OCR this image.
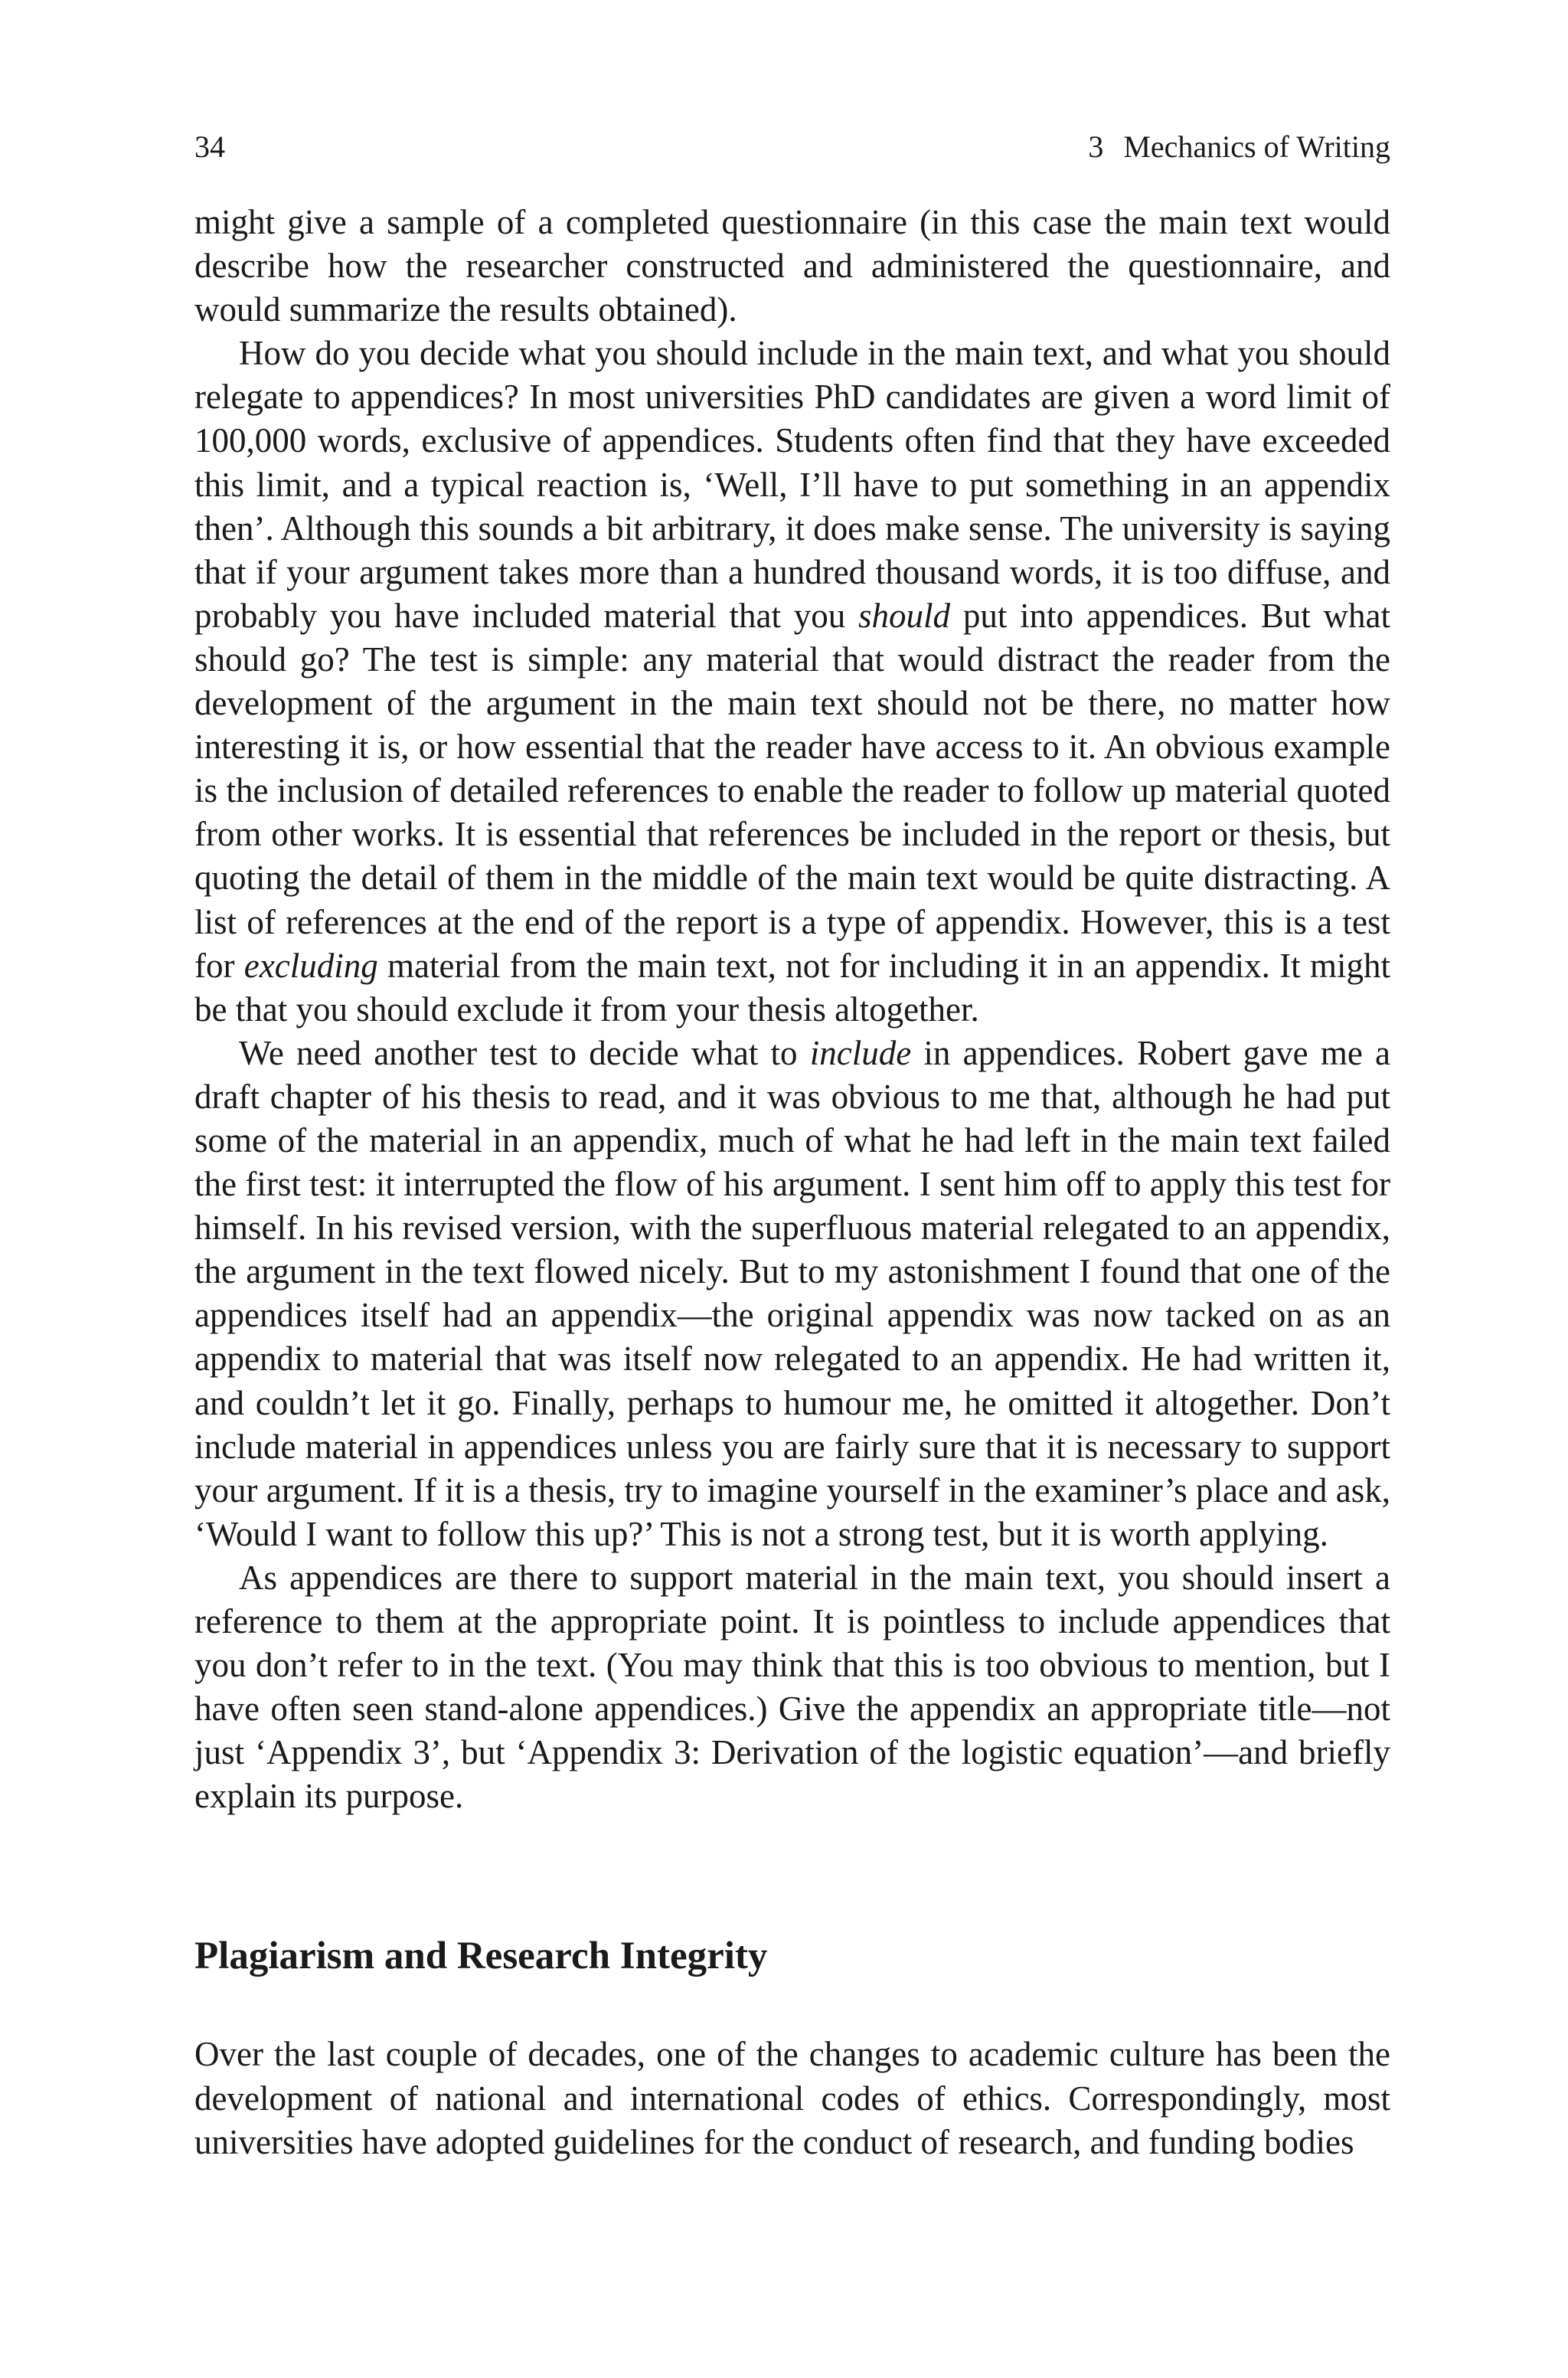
34	3 Mechanics of Writing

might give a sample of a completed questionnaire (in this case the main text would describe how the researcher constructed and administered the questionnaire, and would summarize the results obtained).

How do you decide what you should include in the main text, and what you should relegate to appendices? In most universities PhD candidates are given a word limit of 100,000 words, exclusive of appendices. Students often find that they have exceeded this limit, and a typical reaction is, ‘Well, I’ll have to put something in an appendix then’. Although this sounds a bit arbitrary, it does make sense. The university is saying that if your argument takes more than a hundred thousand words, it is too diffuse, and probably you have included material that you should put into appendices. But what should go? The test is simple: any material that would distract the reader from the development of the argument in the main text should not be there, no matter how interesting it is, or how essential that the reader have access to it. An obvious example is the inclusion of detailed references to enable the reader to follow up material quoted from other works. It is essential that references be included in the report or thesis, but quoting the detail of them in the middle of the main text would be quite distracting. A list of references at the end of the report is a type of appendix. However, this is a test for excluding material from the main text, not for including it in an appendix. It might be that you should exclude it from your thesis altogether.

We need another test to decide what to include in appendices. Robert gave me a draft chapter of his thesis to read, and it was obvious to me that, although he had put some of the material in an appendix, much of what he had left in the main text failed the first test: it interrupted the flow of his argument. I sent him off to apply this test for himself. In his revised version, with the superfluous material relegated to an appendix, the argument in the text flowed nicely. But to my astonishment I found that one of the appendices itself had an appendix—the original appendix was now tacked on as an appendix to material that was itself now relegated to an appendix. He had written it, and couldn’t let it go. Finally, perhaps to humour me, he omitted it altogether. Don’t include material in appendices unless you are fairly sure that it is necessary to support your argument. If it is a thesis, try to imagine yourself in the examiner’s place and ask, ‘Would I want to follow this up?’ This is not a strong test, but it is worth applying.

As appendices are there to support material in the main text, you should insert a reference to them at the appropriate point. It is pointless to include appendices that you don’t refer to in the text. (You may think that this is too obvious to mention, but I have often seen stand-alone appendices.) Give the appendix an appropriate title—not just ‘Appendix 3’, but ‘Appendix 3: Derivation of the logistic equation’—and briefly explain its purpose.

Plagiarism and Research Integrity

Over the last couple of decades, one of the changes to academic culture has been the development of national and international codes of ethics. Correspondingly, most universities have adopted guidelines for the conduct of research, and funding bodies
